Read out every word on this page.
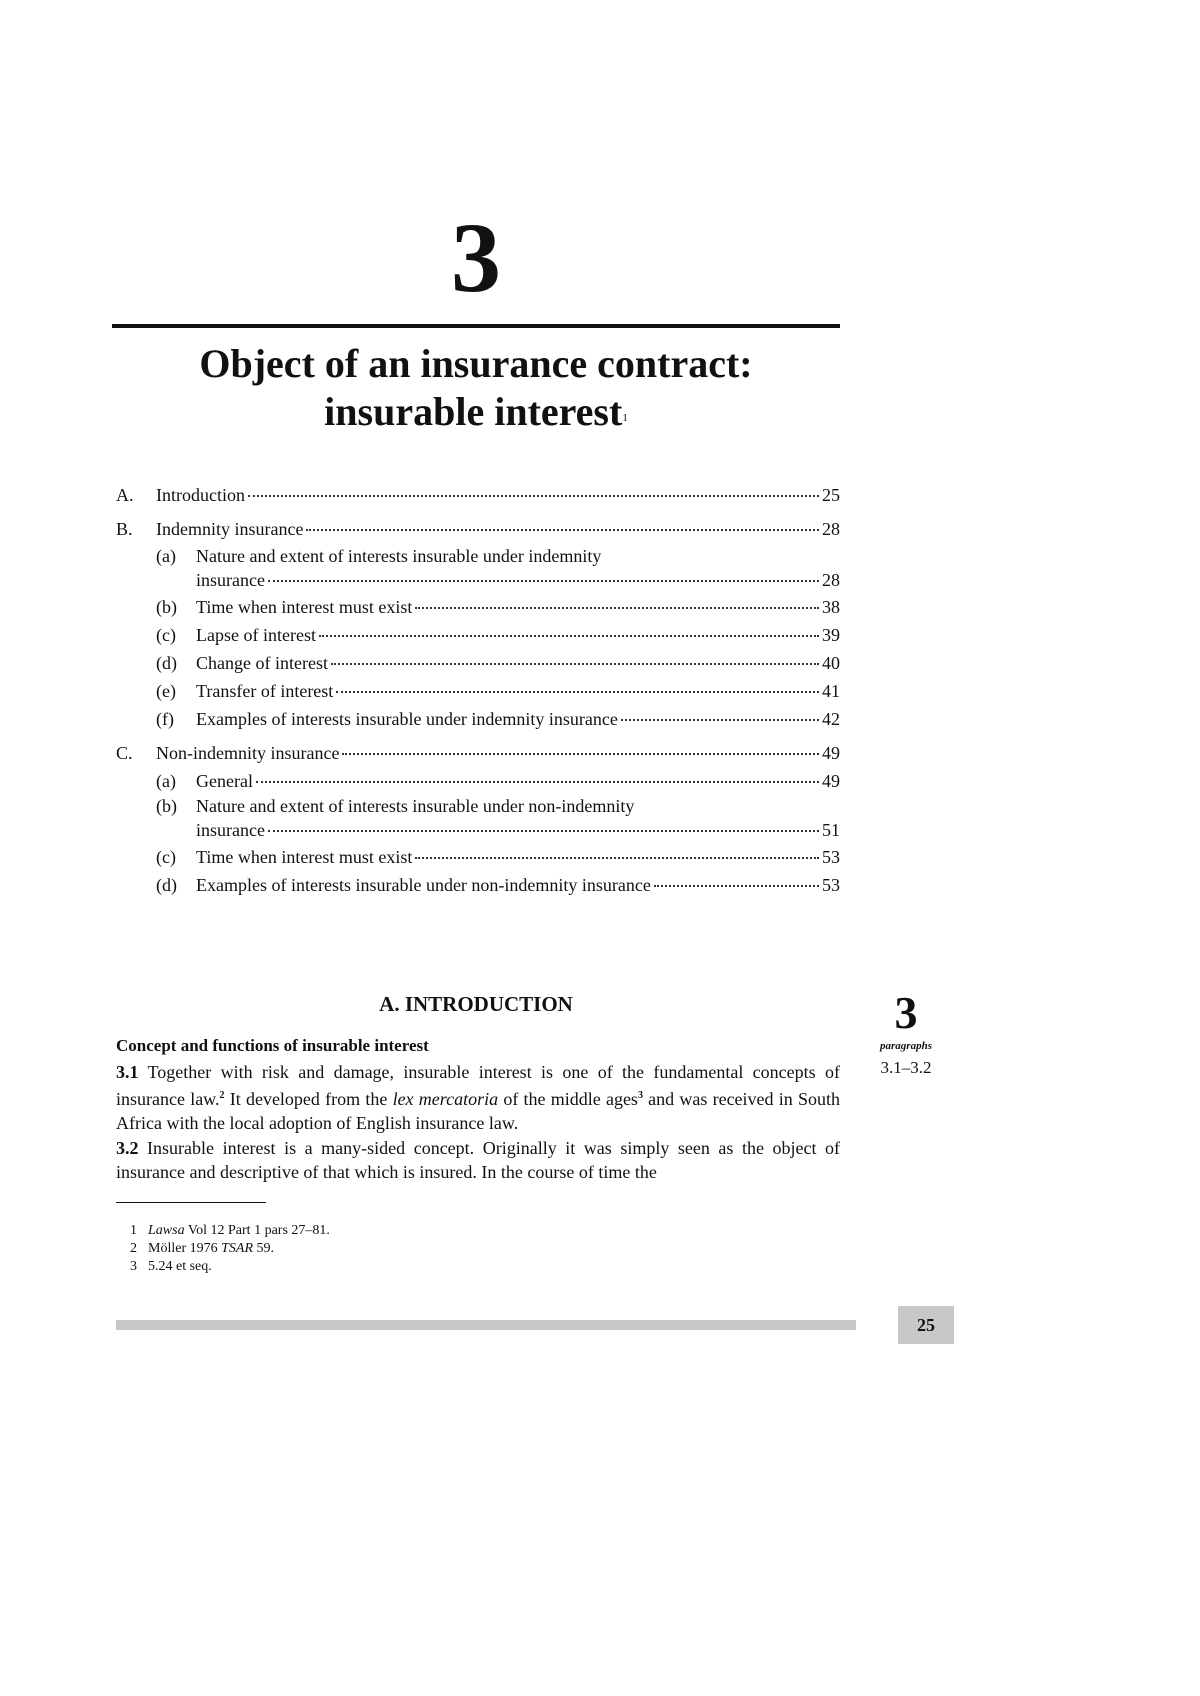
3
Object of an insurance contract:
insurable interest$^1$
A.	Introduction	25
B.	Indemnity insurance	28
(a)	Nature and extent of interests insurable under indemnity
insurance	28
(b)	Time when interest must exist	38
(c)	Lapse of interest	39
(d)	Change of interest	40
(e)	Transfer of interest	41
(f)	Examples of interests insurable under indemnity insurance	42
C.	Non-indemnity insurance	49
(a)	General	49
(b)	Nature and extent of interests insurable under non-indemnity
insurance	51
(c)	Time when interest must exist	53
(d)	Examples of interests insurable under non-indemnity insurance	53
A. INTRODUCTION
Concept and functions of insurable interest
3.1 Together with risk and damage, insurable interest is one of the fundamental concepts of insurance law.$^2$ It developed from the lex mercatoria of the middle ages$^3$ and was received in South Africa with the local adoption of English insurance law.
3.2 Insurable interest is a many-sided concept. Originally it was simply seen as the object of insurance and descriptive of that which is insured. In the course of time the
3
paragraphs
3.1–3.2
1 Lawsa Vol 12 Part 1 pars 27–81.
2 Möller 1976 TSAR 59.
3 5.24 et seq.
25
